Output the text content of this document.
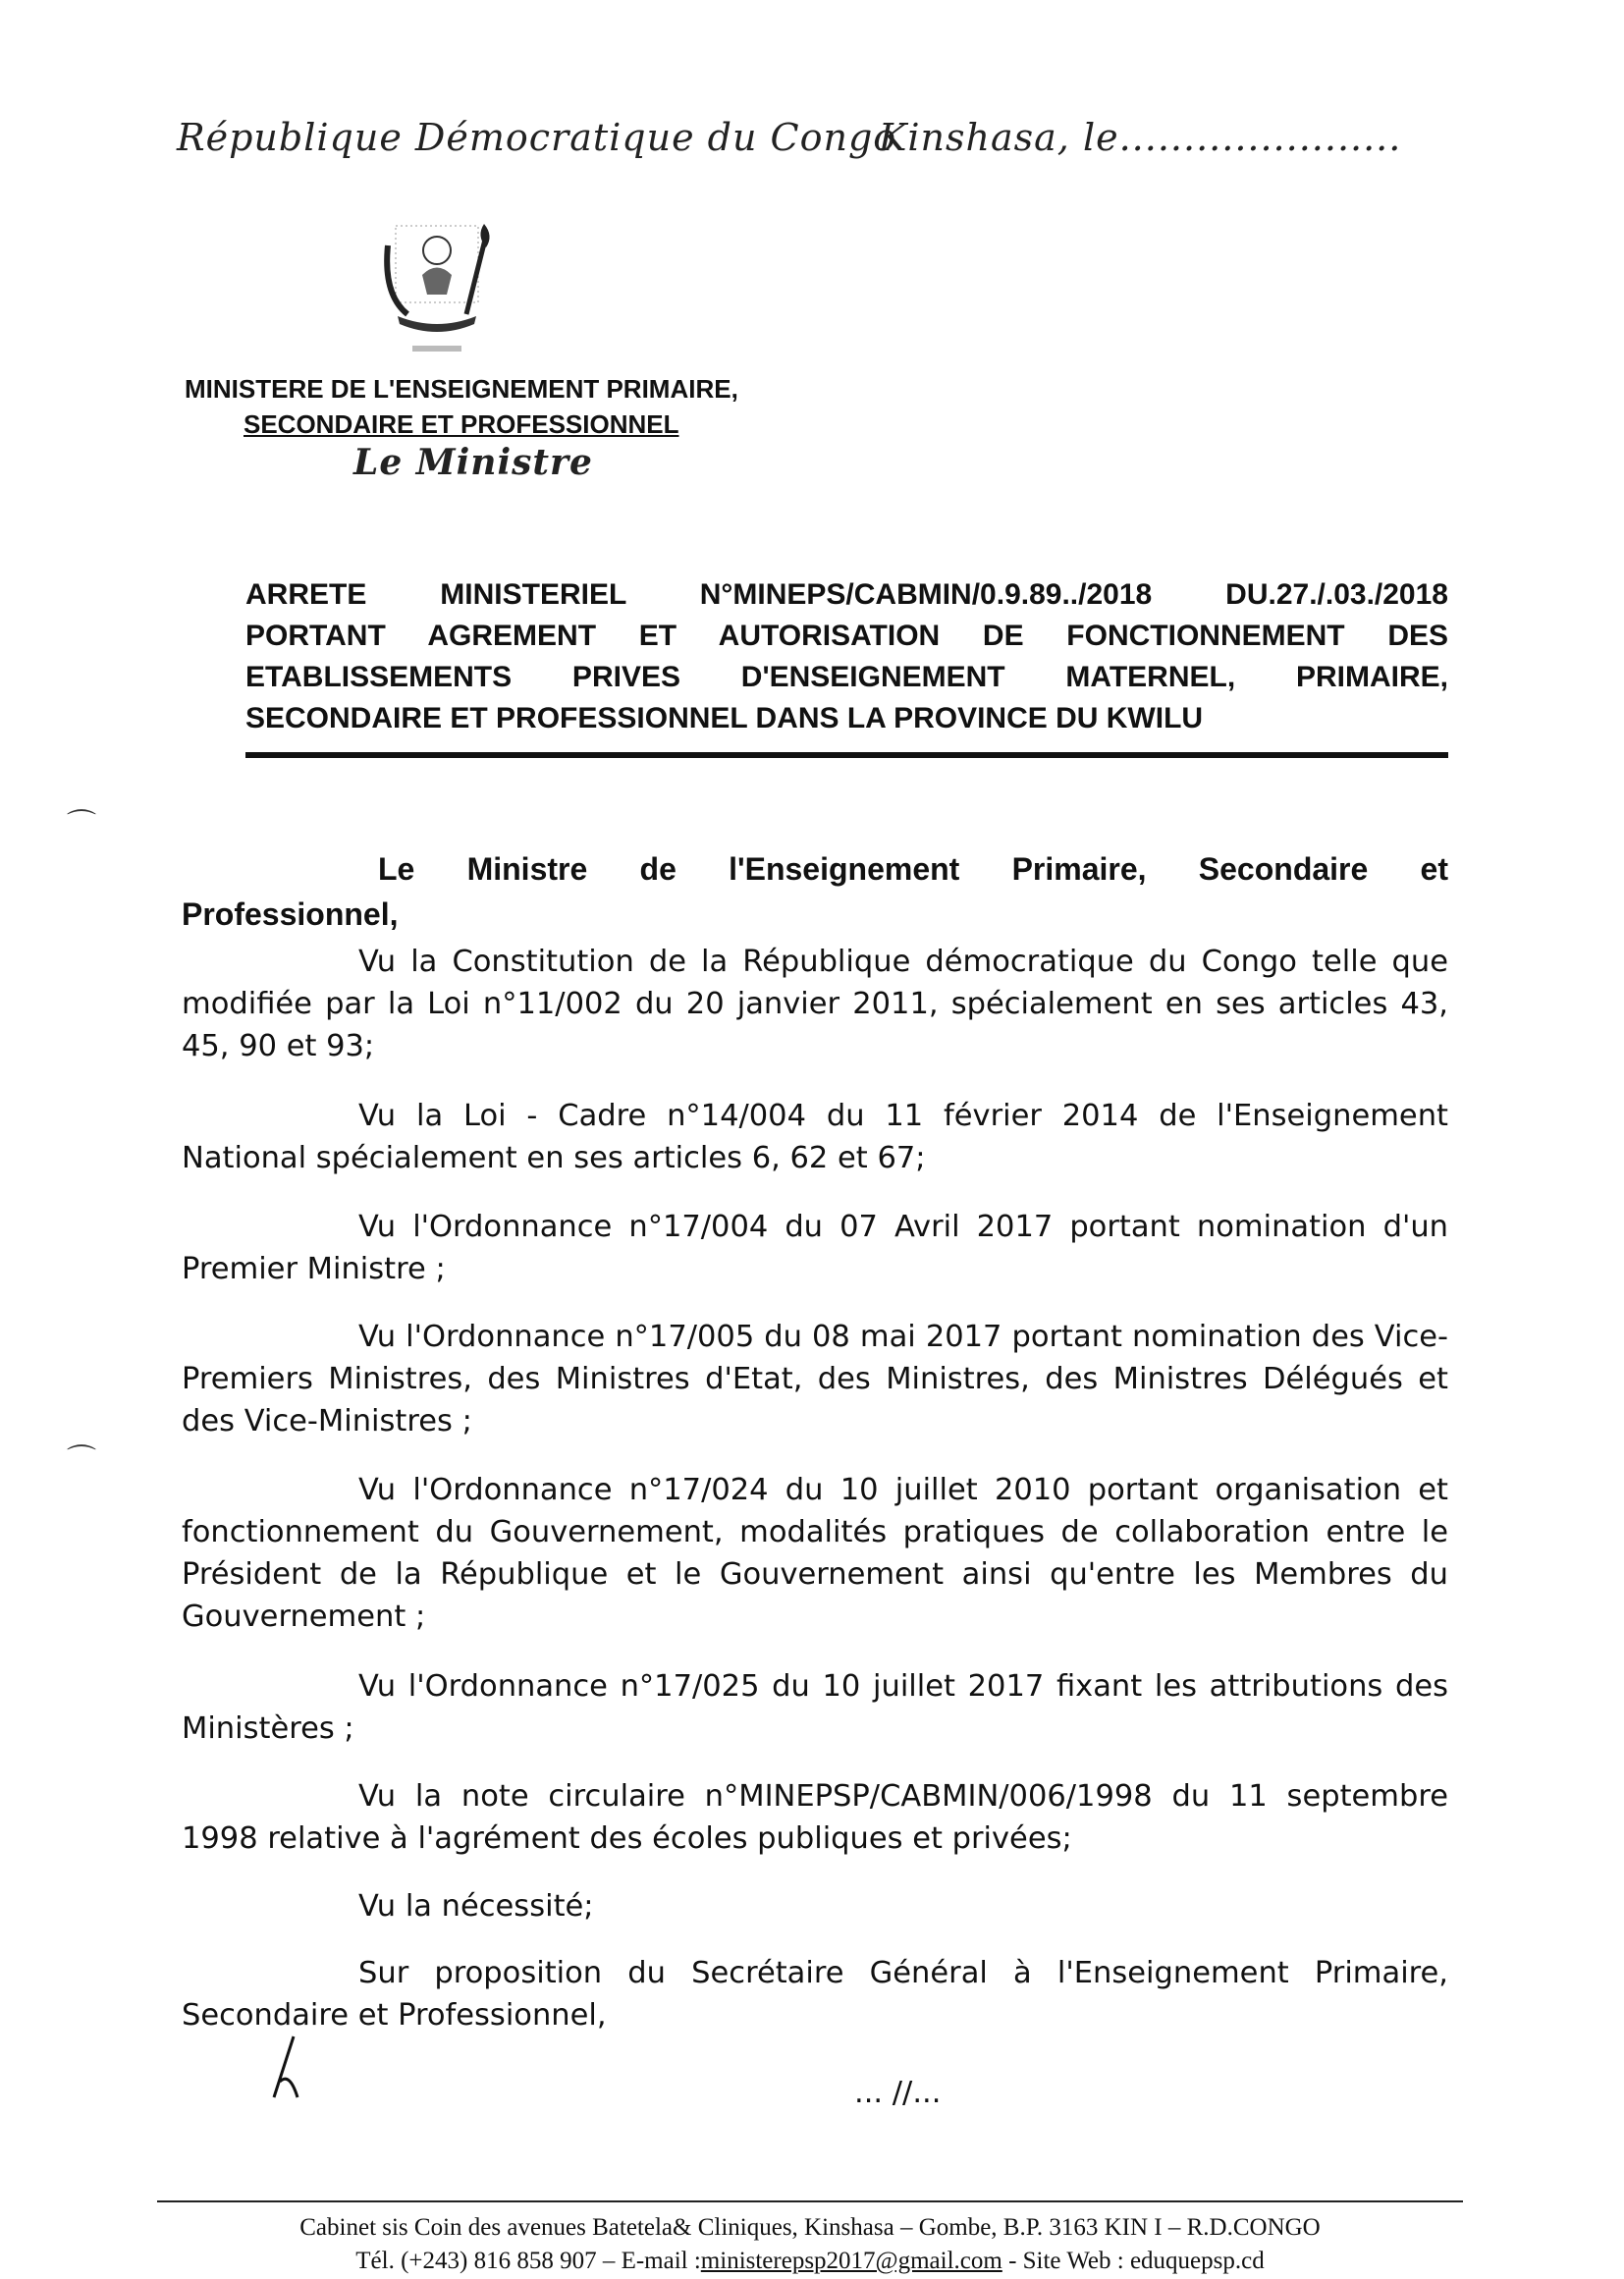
République Démocratique du Congo
Kinshasa, le......................
MINISTERE DE L'ENSEIGNEMENT PRIMAIRE,
SECONDAIRE ET PROFESSIONNEL
Le Ministre
ARRETE MINISTERIEL N°MINEPS/CABMIN/0.9.89../2018 DU.27./.03./2018
PORTANT AGREMENT ET AUTORISATION DE FONCTIONNEMENT DES
ETABLISSEMENTS PRIVES D'ENSEIGNEMENT MATERNEL, PRIMAIRE,
SECONDAIRE ET PROFESSIONNEL DANS LA PROVINCE DU KWILU
⌒
⌒
Le Ministre de l'Enseignement Primaire, Secondaire et
Professionnel,

Vu la Constitution de la République démocratique du Congo telle que modifiée par la Loi n°11/002 du 20 janvier 2011, spécialement en ses articles 43, 45, 90 et 93;

Vu la Loi - Cadre n°14/004 du 11 février 2014 de l'Enseignement National spécialement en ses articles 6, 62 et 67;

Vu l'Ordonnance n°17/004 du 07 Avril 2017 portant nomination d'un Premier Ministre ;

Vu l'Ordonnance n°17/005 du 08 mai 2017 portant nomination des Vice-Premiers Ministres, des Ministres d'Etat, des Ministres, des Ministres Délégués et des Vice-Ministres ;

Vu l'Ordonnance n°17/024 du 10 juillet 2010 portant organisation et fonctionnement du Gouvernement, modalités pratiques de collaboration entre le Président de la République et le Gouvernement ainsi qu'entre les Membres du Gouvernement ;

Vu l'Ordonnance n°17/025 du 10 juillet 2017 fixant les attributions des Ministères ;

Vu la note circulaire n°MINEPSP/CABMIN/006/1998 du 11 septembre 1998 relative à l'agrément des écoles publiques et privées;

Vu la nécessité;

Sur proposition du Secrétaire Général à l'Enseignement Primaire, Secondaire et Professionnel,

... //...
Cabinet sis Coin des avenues Batetela& Cliniques, Kinshasa – Gombe, B.P. 3163 KIN I – R.D.CONGO
Tél. (+243) 816 858 907 – E-mail :ministerepsp2017@gmail.com - Site Web : eduquepsp.cd
